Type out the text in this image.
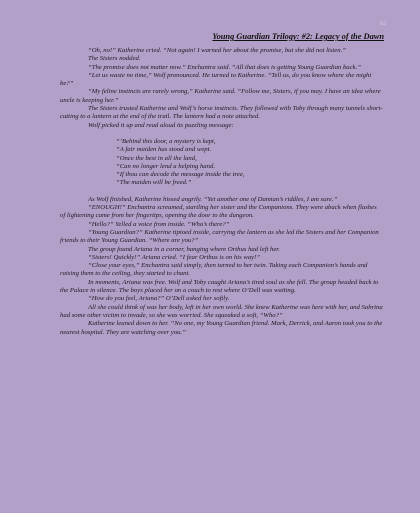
62
Young Guardian Trilogy: #2: Legacy of the Dawn

“Oh, no!” Katherine cried. “Not again! I warned her about the promise, but she did not listen.”

The Sisters nodded.

“The promise does not matter now.” Enchantra said. “All that does is getting Young Guardian back.”

“Let us waste no time,” Wolf pronounced. He turned to Katherine. “Tell us, do you know where she might be?”

“My feline instincts are rarely wrong,” Katherine said. “Follow me, Sisters, if you may. I have an idea where uncle is keeping her.”

The Sisters trusted Katherine and Wolf’s horse instincts. They followed with Toby through many tunnels short-cutting to a lantern at the end of the trail. The lantern had a note attached.

Wolf picked it up and read aloud its puzzling message:

“’Behind this door, a mystery is kept,

“A fair maiden has stood and wept.

“Once the best in all the land,

“Can no longer lend a helping hand.

“If thou can decode the message inside the tree,

“The maiden will be freed.”

As Wolf finished, Katherine hissed angrily. “Yet another one of Damian’s riddles, I am sure.”

“ENOUGH!” Enchantra screamed, startling her sister and the Companions. They were aback when flashes of lightening came from her fingertips, opening the door to the dungeon.

“Hello?” Yelled a voice from inside. “Who’s there?”

“Young Guardian?” Katherine tiptoed inside, carrying the lantern as she led the Sisters and her Companion friends to their Young Guardian. “Where are you?”

The group found Ariana in a corner, hanging where Orthus had left her.

“Sisters! Quickly!” Ariana cried. “I fear Orthus is on his way!”

“Close your eyes,” Enchantra said simply, then turned to her twin. Taking each Companion’s hands and raising them to the ceiling, they started to chant.

In moments, Ariana was free. Wolf and Toby caught Ariana’s tired soul as she fell. The group headed back to the Palace in silence. The boys placed her on a couch to rest where O’Dell was waiting.

“How do you feel, Ariana?” O’Dell asked her softly.

All she could think of was her body, left in her own world. She knew Katherine was here with her, and Sabrina had some other victim to invade, so she was worried. She squeaked a soft, “Who?”

Katherine leaned down to her. “No one, my Young Guardian friend. Mark, Derrick, and Aaron took you to the nearest hospital. They are watching over you.”
